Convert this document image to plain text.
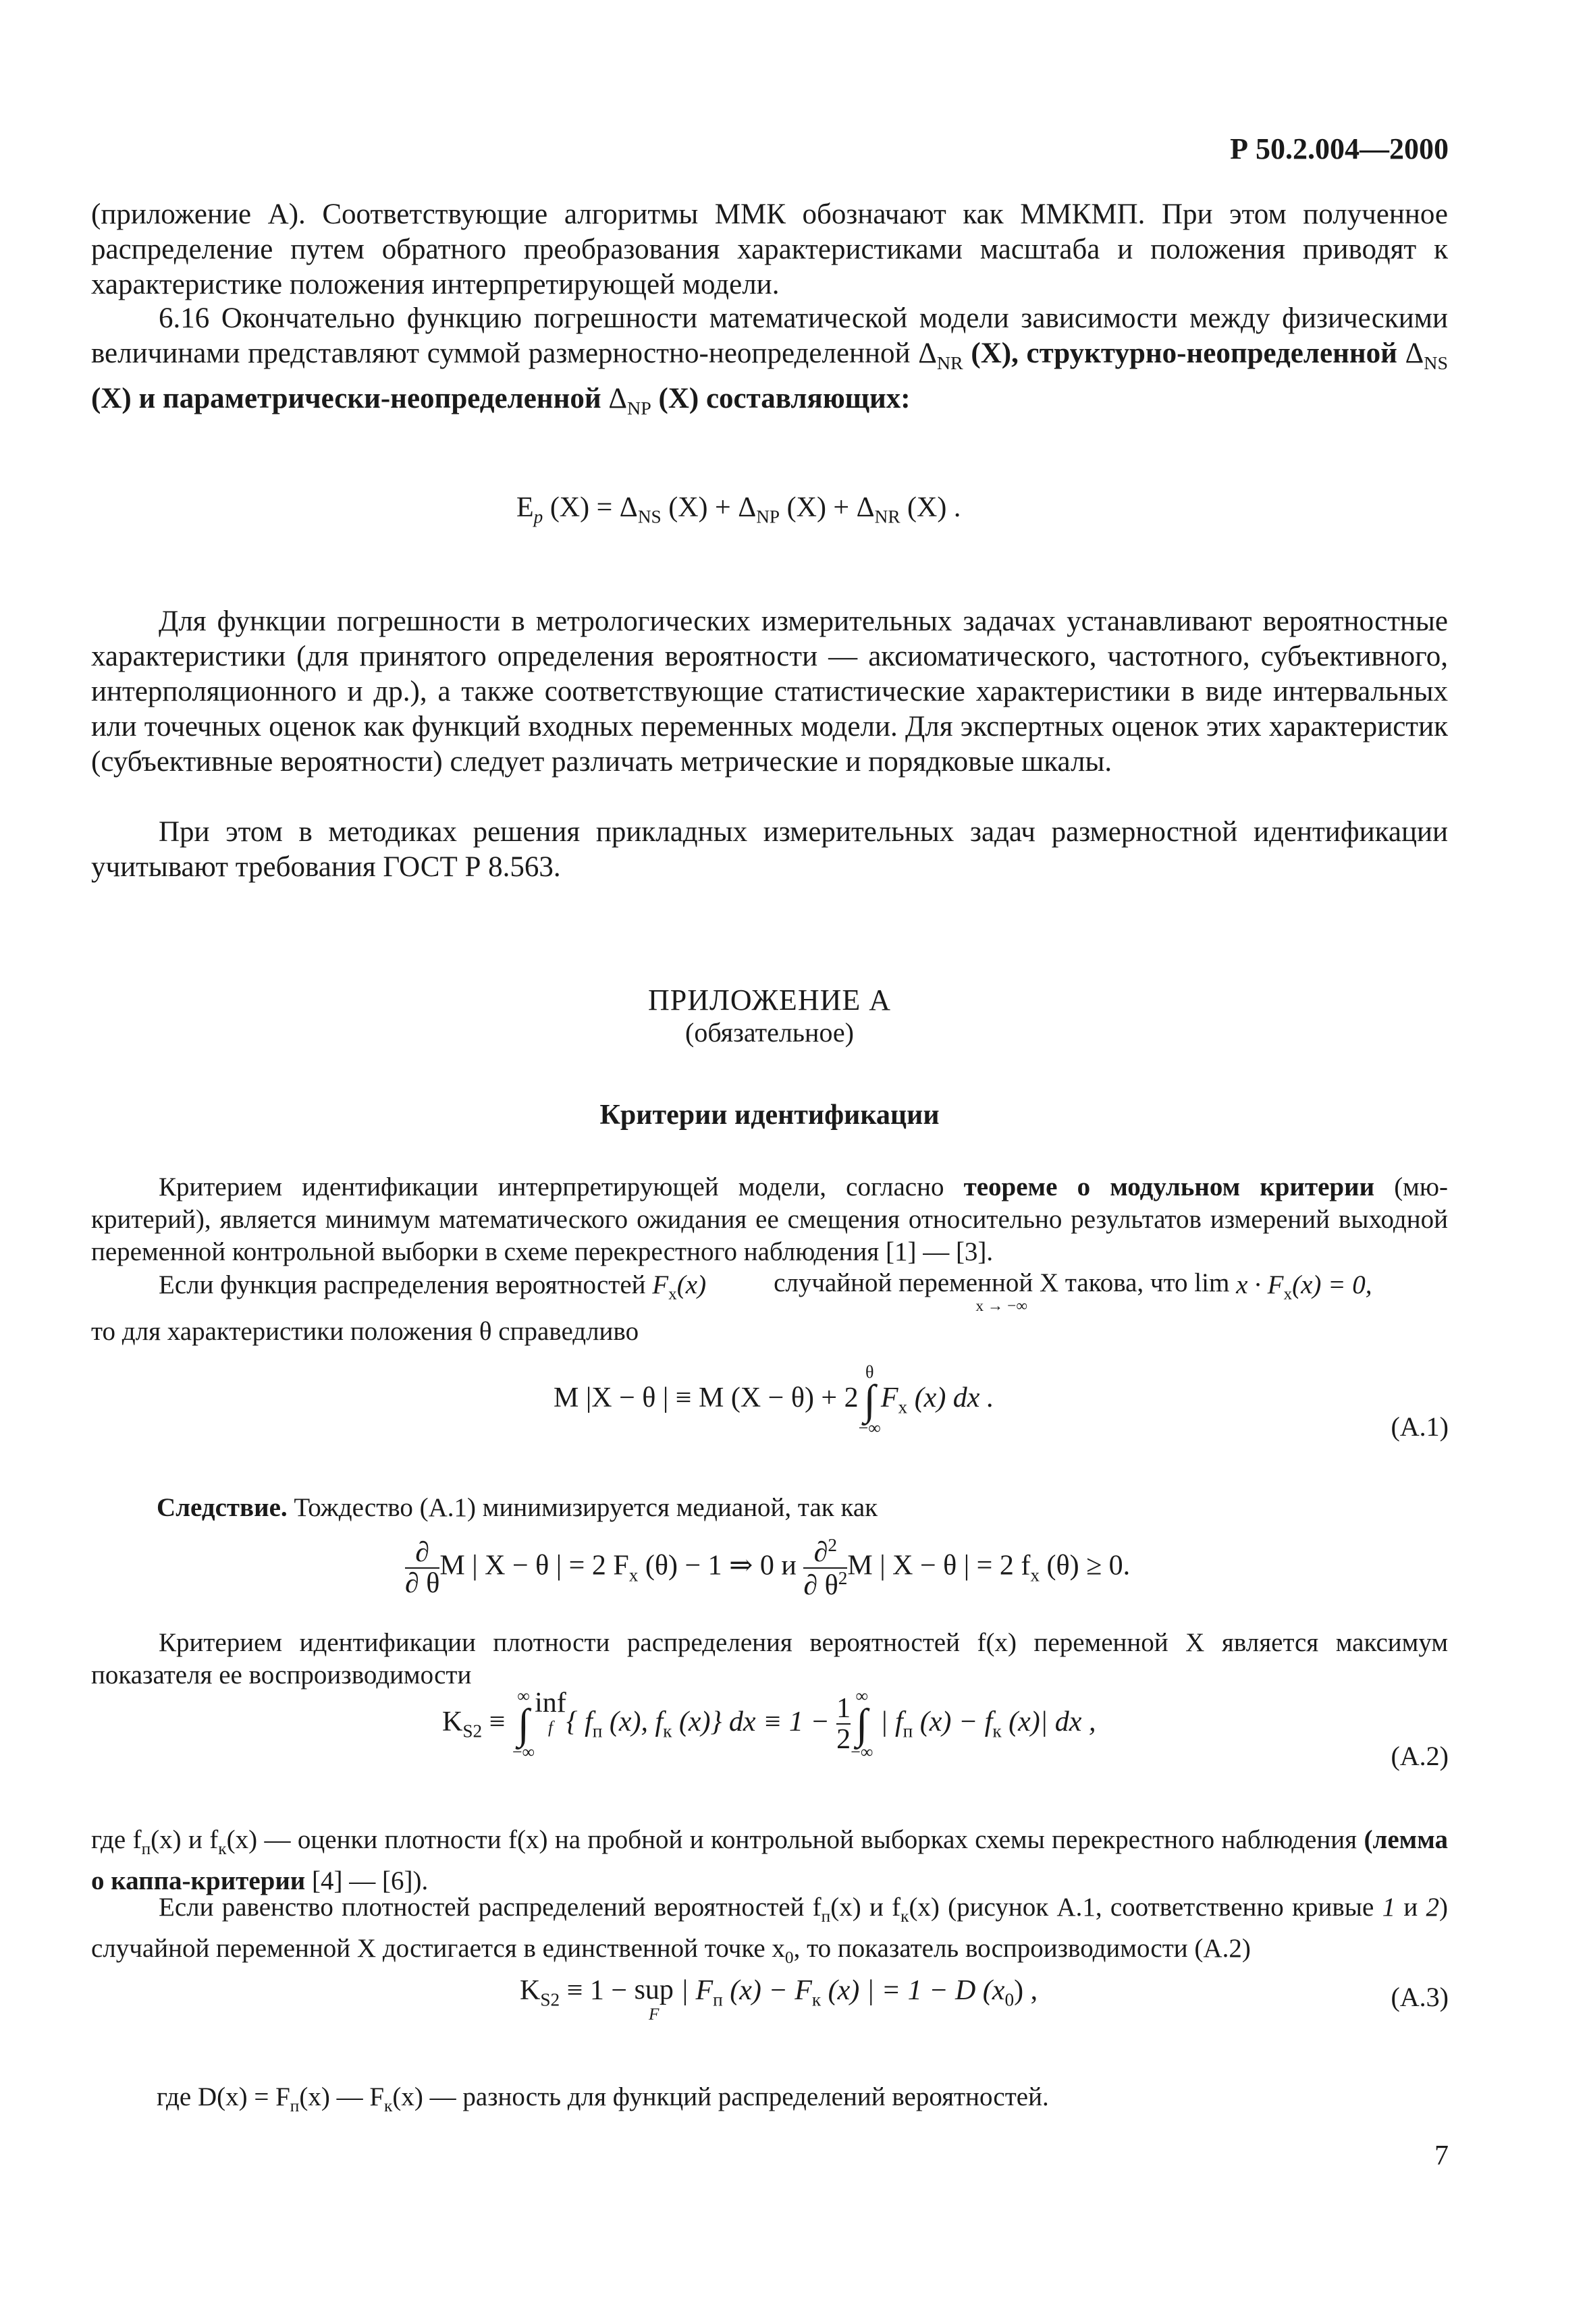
Р 50.2.004—2000

(приложение А). Соответствующие алгоритмы ММК обозначают как ММКМП. При этом полученное распределение путем обратного преобразования характеристиками масштаба и положения приводят к характеристике положения интерпретирующей модели.

6.16 Окончательно функцию погрешности математической модели зависимости между физическими величинами представляют суммой размерностно-неопределенной $\Delta_{NR}$ (X), структурно-неопределенной $\Delta_{NS}$ (X) и параметрически-неопределенной $\Delta_{NP}$ (X) составляющих:

$E_p$ $(X) = \Delta_{NS}$ $(X) + \Delta_{NP}$ $(X) + \Delta_{NR}$ (X) .

Для функции погрешности в метрологических измерительных задачах устанавливают вероятностные характеристики (для принятого определения вероятности — аксиоматического, частотного, субъективного, интерполяционного и др.), а также соответствующие статистические характеристики в виде интервальных или точечных оценок как функций входных переменных модели. Для экспертных оценок этих характеристик (субъективные вероятности) следует различать метрические и порядковые шкалы.

При этом в методиках решения прикладных измерительных задач размерностной идентификации учитывают требования ГОСТ Р 8.563.

ПРИЛОЖЕНИЕ А
(обязательное)
Критерии идентификации

Критерием идентификации интерпретирующей модели, согласно теореме о модульном критерии (мю-критерий), является минимум математического ожидания ее смещения относительно результатов измерений выходной переменной контрольной выборки в схеме перекрестного наблюдения [1] — [3].

Если функция распределения вероятностей $F_x(x)$	случайной переменной X такова, что lim
x → −∞
$x \cdot F_x(x) = 0$,
то для характеристики положения θ справедливо

M |X − θ | ≡ M (X − θ) + 2
θ
∫
−∞
$F_x$ (x) dx .
(А.1)

Следствие. Тождество (А.1) минимизируется медианой, так как

$\frac{\partial}{\partial \theta}$ M | X − θ | = 2 $F_x$ (θ) − 1 ⇒ 0 и $\frac{\partial^2}{\partial \theta^2}$ M | X − θ | = 2 $f_x$ (θ) ≥ 0.

Критерием идентификации плотности распределения вероятностей f(x) переменной X является максимум показателя ее воспроизводимости

$K_{S2}$ ≡
∞
∫
−∞
inf
f { $f_п$ (x), $f_к$ (x)} dx ≡ $1 - \frac{1}{2}$ ∞
∫
−∞
| $f_п$ $(x) - f_к$ (x)| dx ,
(А.2)

где $f_п(x)$ и $f_к(x)$ — оценки плотности f(x) на пробной и контрольной выборках схемы перекрестного наблюдения (лемма о каппа-критерии [4] — [6]).

Если равенство плотностей распределений вероятностей $f_п(x)$ и $f_к(x)$ (рисунок А.1, соответственно кривые 1 и 2) случайной переменной X достигается в единственной точке $x_0$, то показатель воспроизводимости (А.2)

$K_{S2} \equiv 1$ − sup
F
| $F_п$ $(x) - F_к$ (x) | = 1 − D $(x_0)$ ,	(А.3)

где $D(x) = F_п(x)$ — $F_к(x)$ — разность для функций распределений вероятностей.

7
